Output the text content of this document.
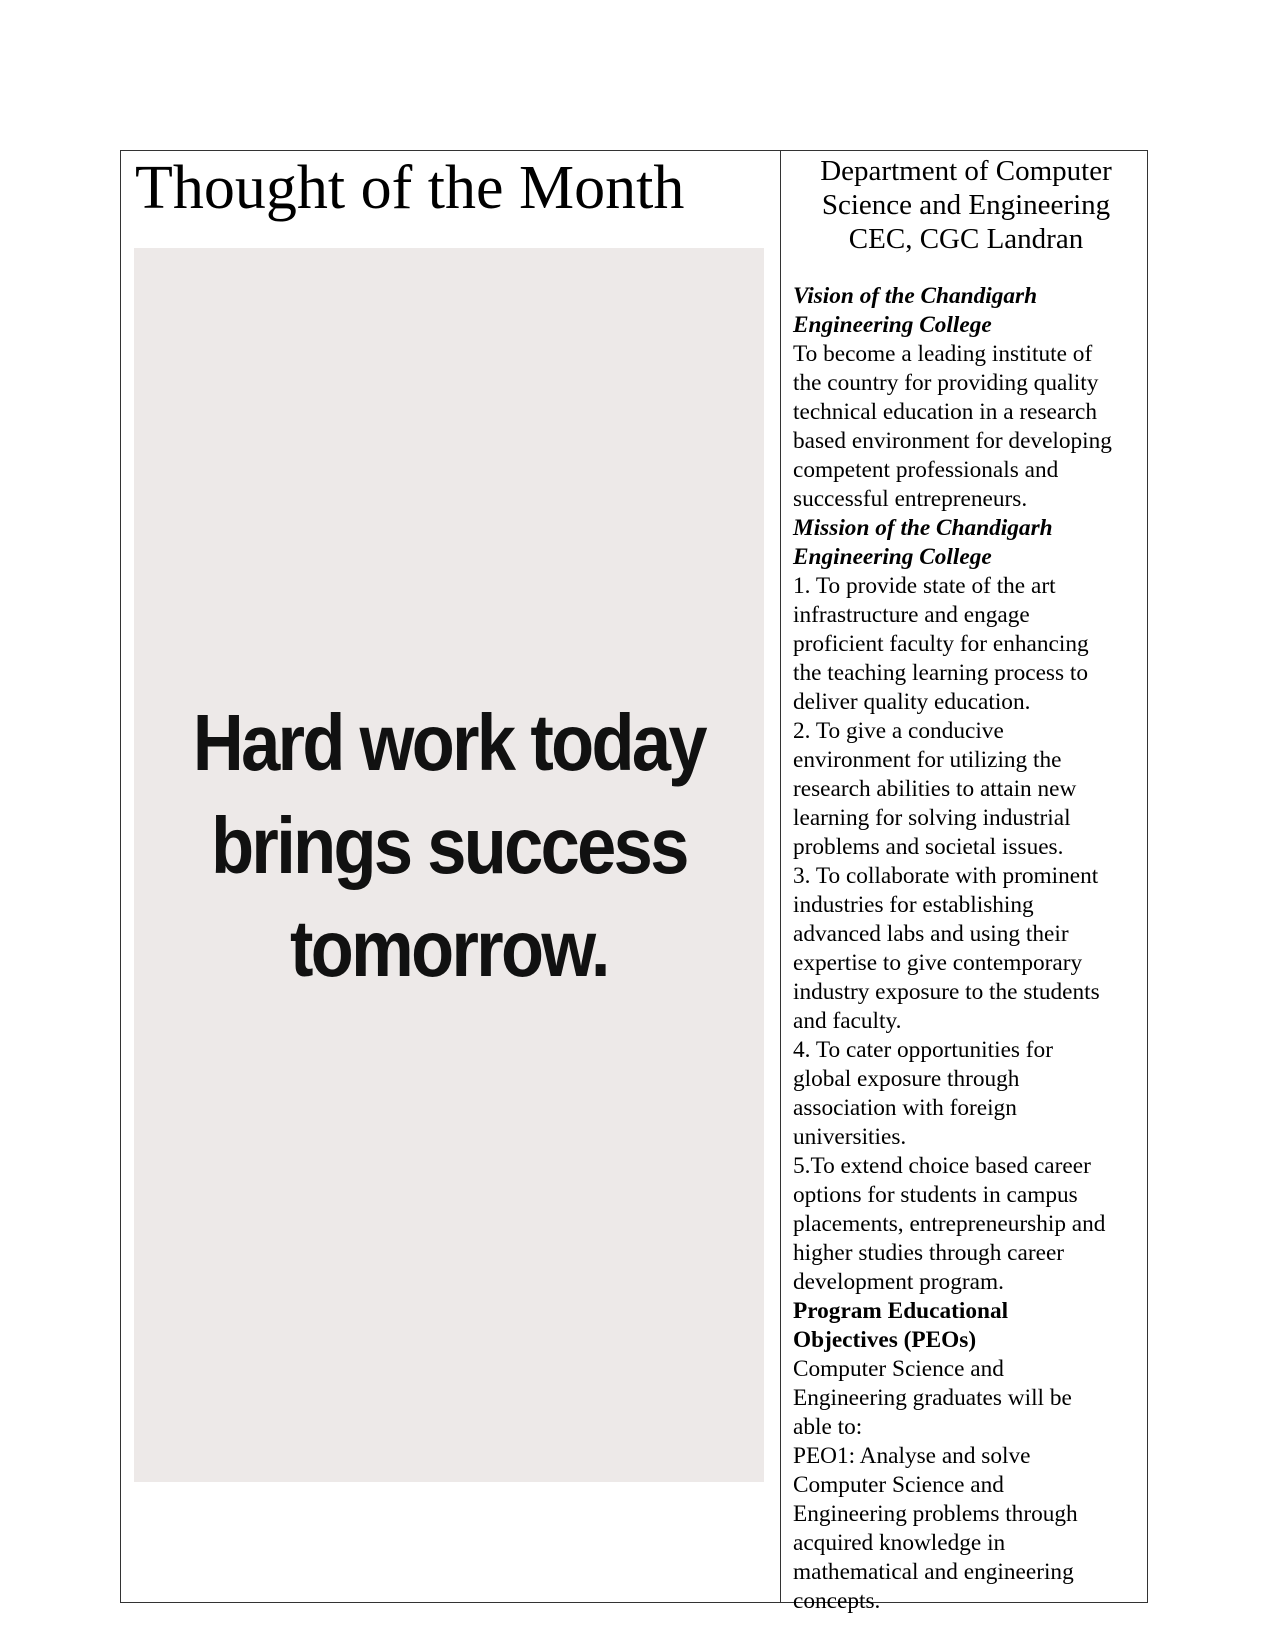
Thought of the Month
Hard work today
brings success
tomorrow.
Department of Computer
Science and Engineering
CEC, CGC Landran
Vision of the Chandigarh
Engineering College
To become a leading institute of
the country for providing quality
technical education in a research
based environment for developing
competent professionals and
successful entrepreneurs.
Mission of the Chandigarh
Engineering College
1. To provide state of the art
infrastructure and engage
proficient faculty for enhancing
the teaching learning process to
deliver quality education.
2. To give a conducive
environment for utilizing the
research abilities to attain new
learning for solving industrial
problems and societal issues.
3. To collaborate with prominent
industries for establishing
advanced labs and using their
expertise to give contemporary
industry exposure to the students
and faculty.
4. To cater opportunities for
global exposure through
association with foreign
universities.
5.To extend choice based career
options for students in campus
placements, entrepreneurship and
higher studies through career
development program.
Program Educational
Objectives (PEOs)
Computer Science and
Engineering graduates will be
able to:
PEO1: Analyse and solve
Computer Science and
Engineering problems through
acquired knowledge in
mathematical and engineering
concepts.
